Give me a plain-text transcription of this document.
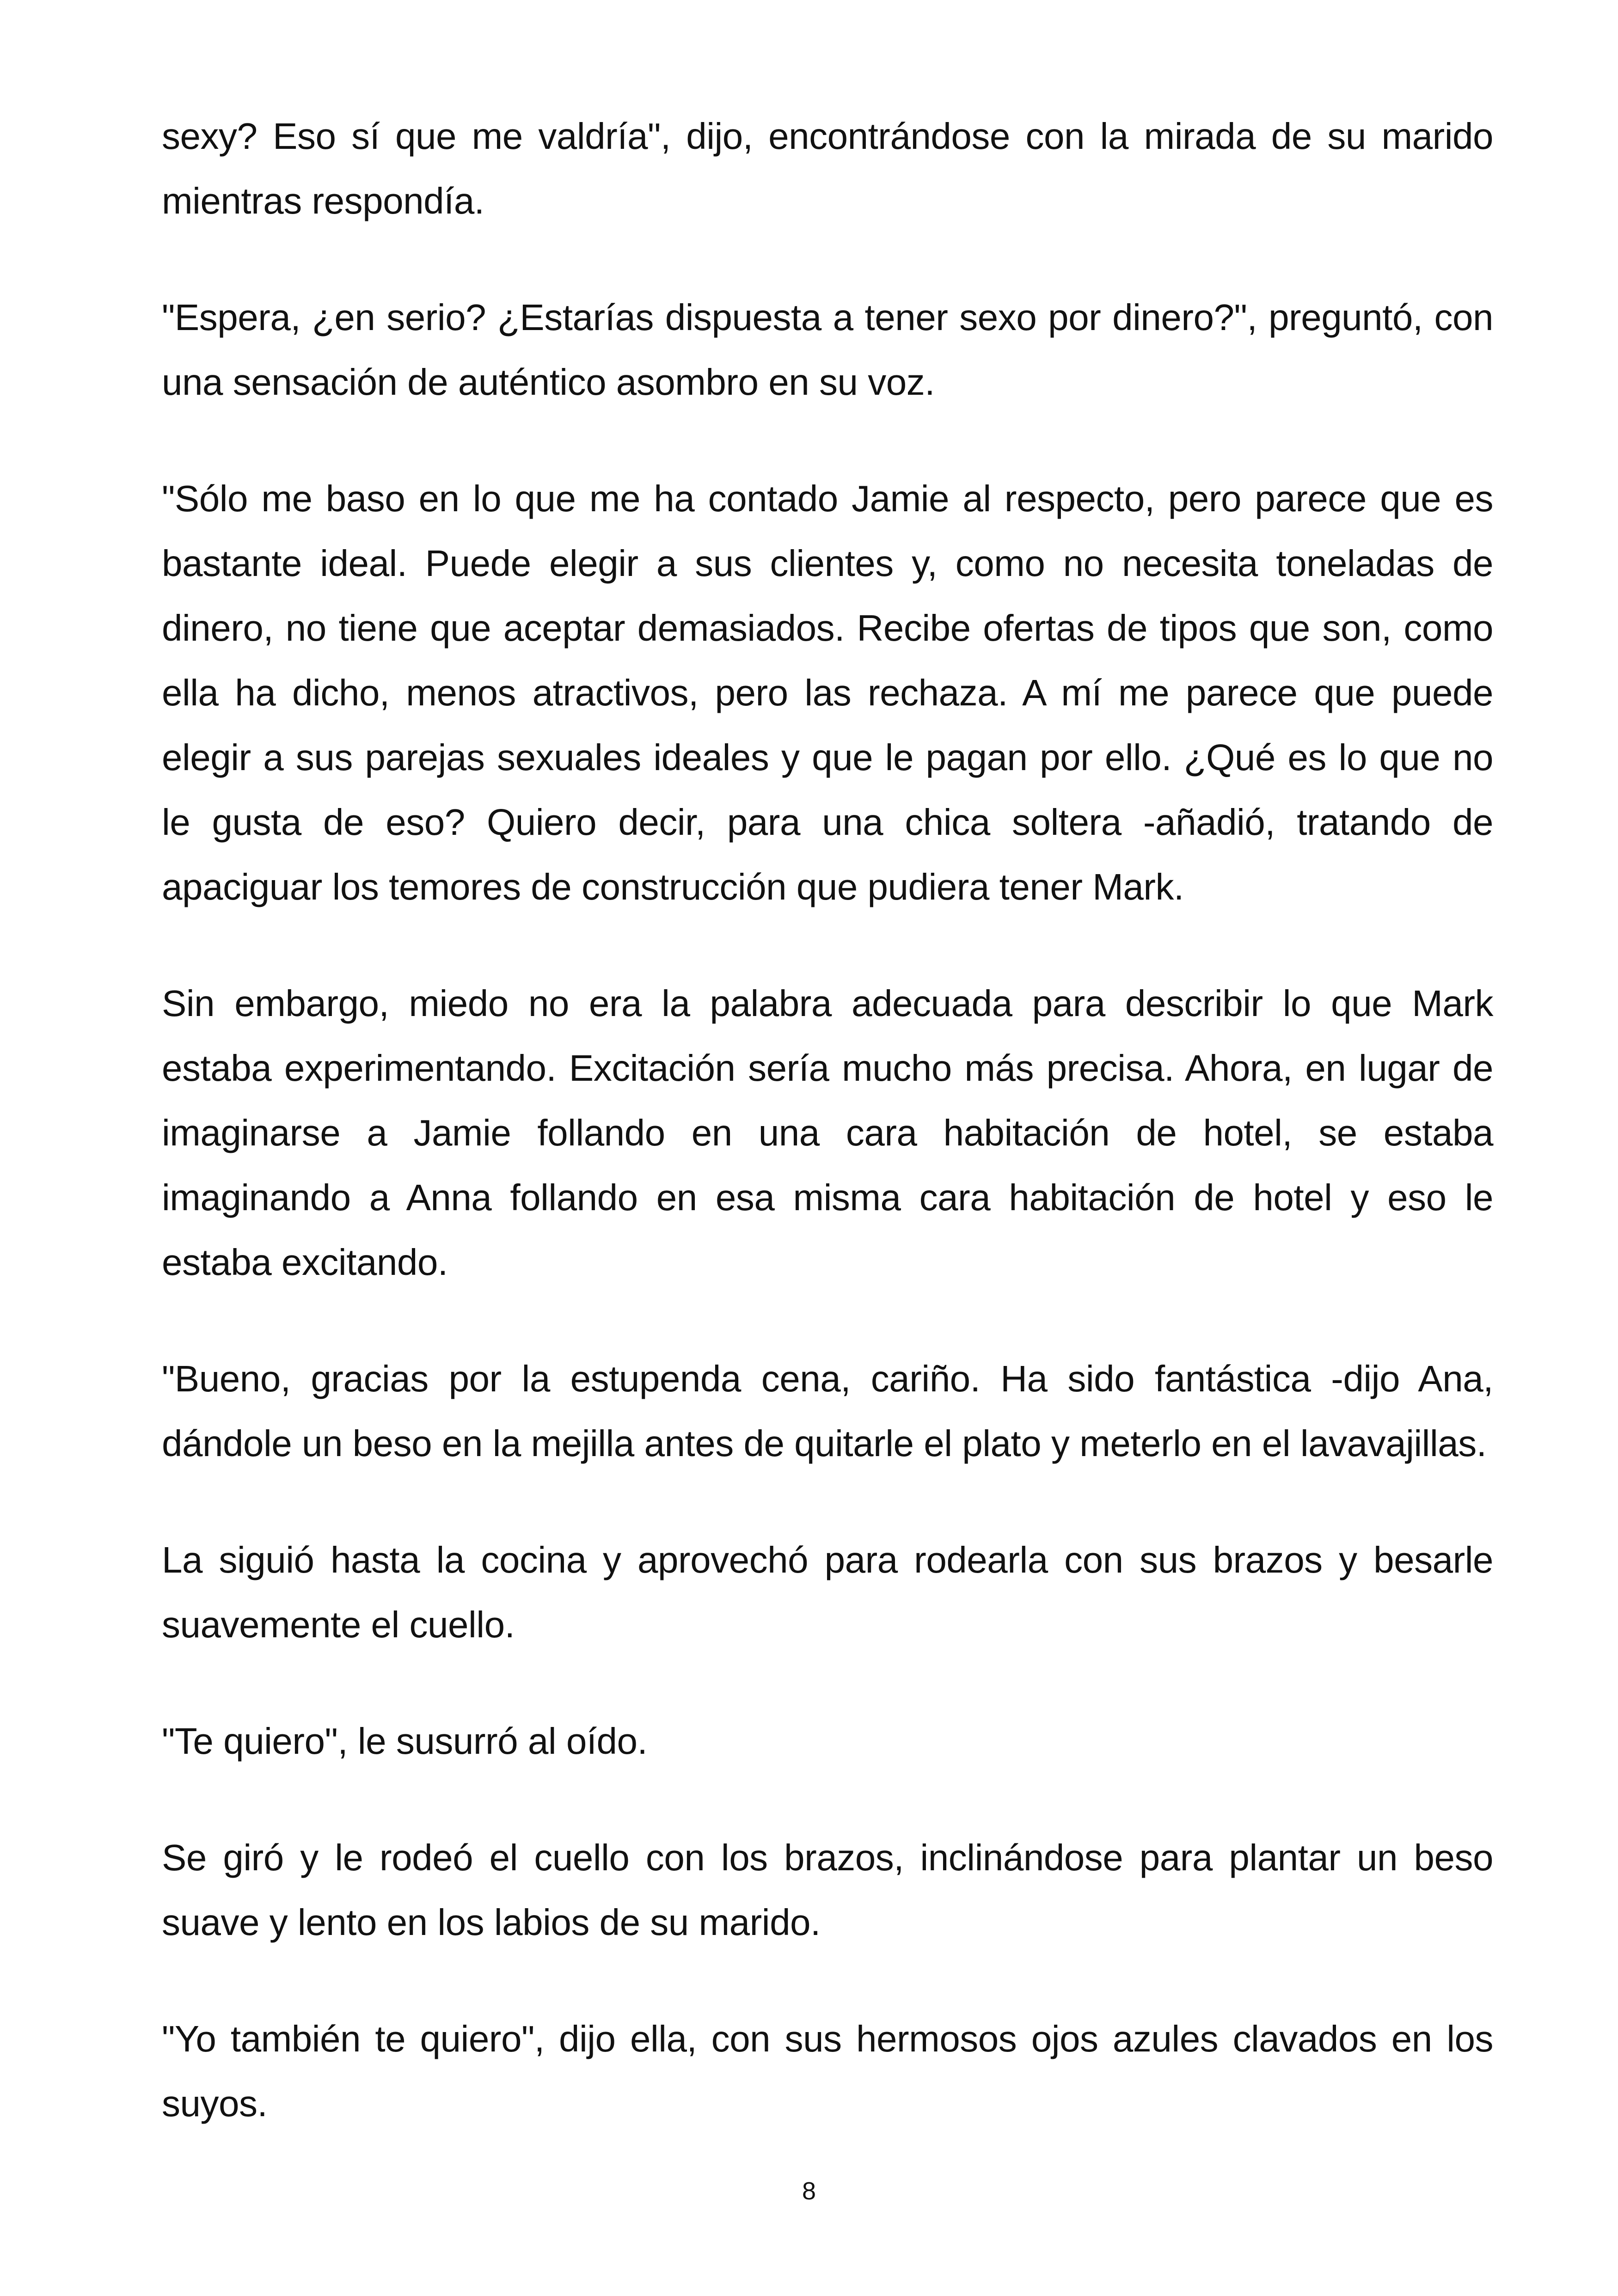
sexy? Eso sí que me valdría", dijo, encontrándose con la mirada de su marido mientras respondía.

"Espera, ¿en serio? ¿Estarías dispuesta a tener sexo por dinero?", preguntó, con una sensación de auténtico asombro en su voz.

"Sólo me baso en lo que me ha contado Jamie al respecto, pero parece que es bastante ideal. Puede elegir a sus clientes y, como no necesita toneladas de dinero, no tiene que aceptar demasiados. Recibe ofertas de tipos que son, como ella ha dicho, menos atractivos, pero las rechaza. A mí me parece que puede elegir a sus parejas sexuales ideales y que le pagan por ello. ¿Qué es lo que no le gusta de eso? Quiero decir, para una chica soltera -añadió, tratando de apaciguar los temores de construcción que pudiera tener Mark.

Sin embargo, miedo no era la palabra adecuada para describir lo que Mark estaba experimentando. Excitación sería mucho más precisa. Ahora, en lugar de imaginarse a Jamie follando en una cara habitación de hotel, se estaba imaginando a Anna follando en esa misma cara habitación de hotel y eso le estaba excitando.

"Bueno, gracias por la estupenda cena, cariño. Ha sido fantástica -dijo Ana, dándole un beso en la mejilla antes de quitarle el plato y meterlo en el lavavajillas.

La siguió hasta la cocina y aprovechó para rodearla con sus brazos y besarle suavemente el cuello.

"Te quiero", le susurró al oído.

Se giró y le rodeó el cuello con los brazos, inclinándose para plantar un beso suave y lento en los labios de su marido.

"Yo también te quiero", dijo ella, con sus hermosos ojos azules clavados en los suyos.

8
